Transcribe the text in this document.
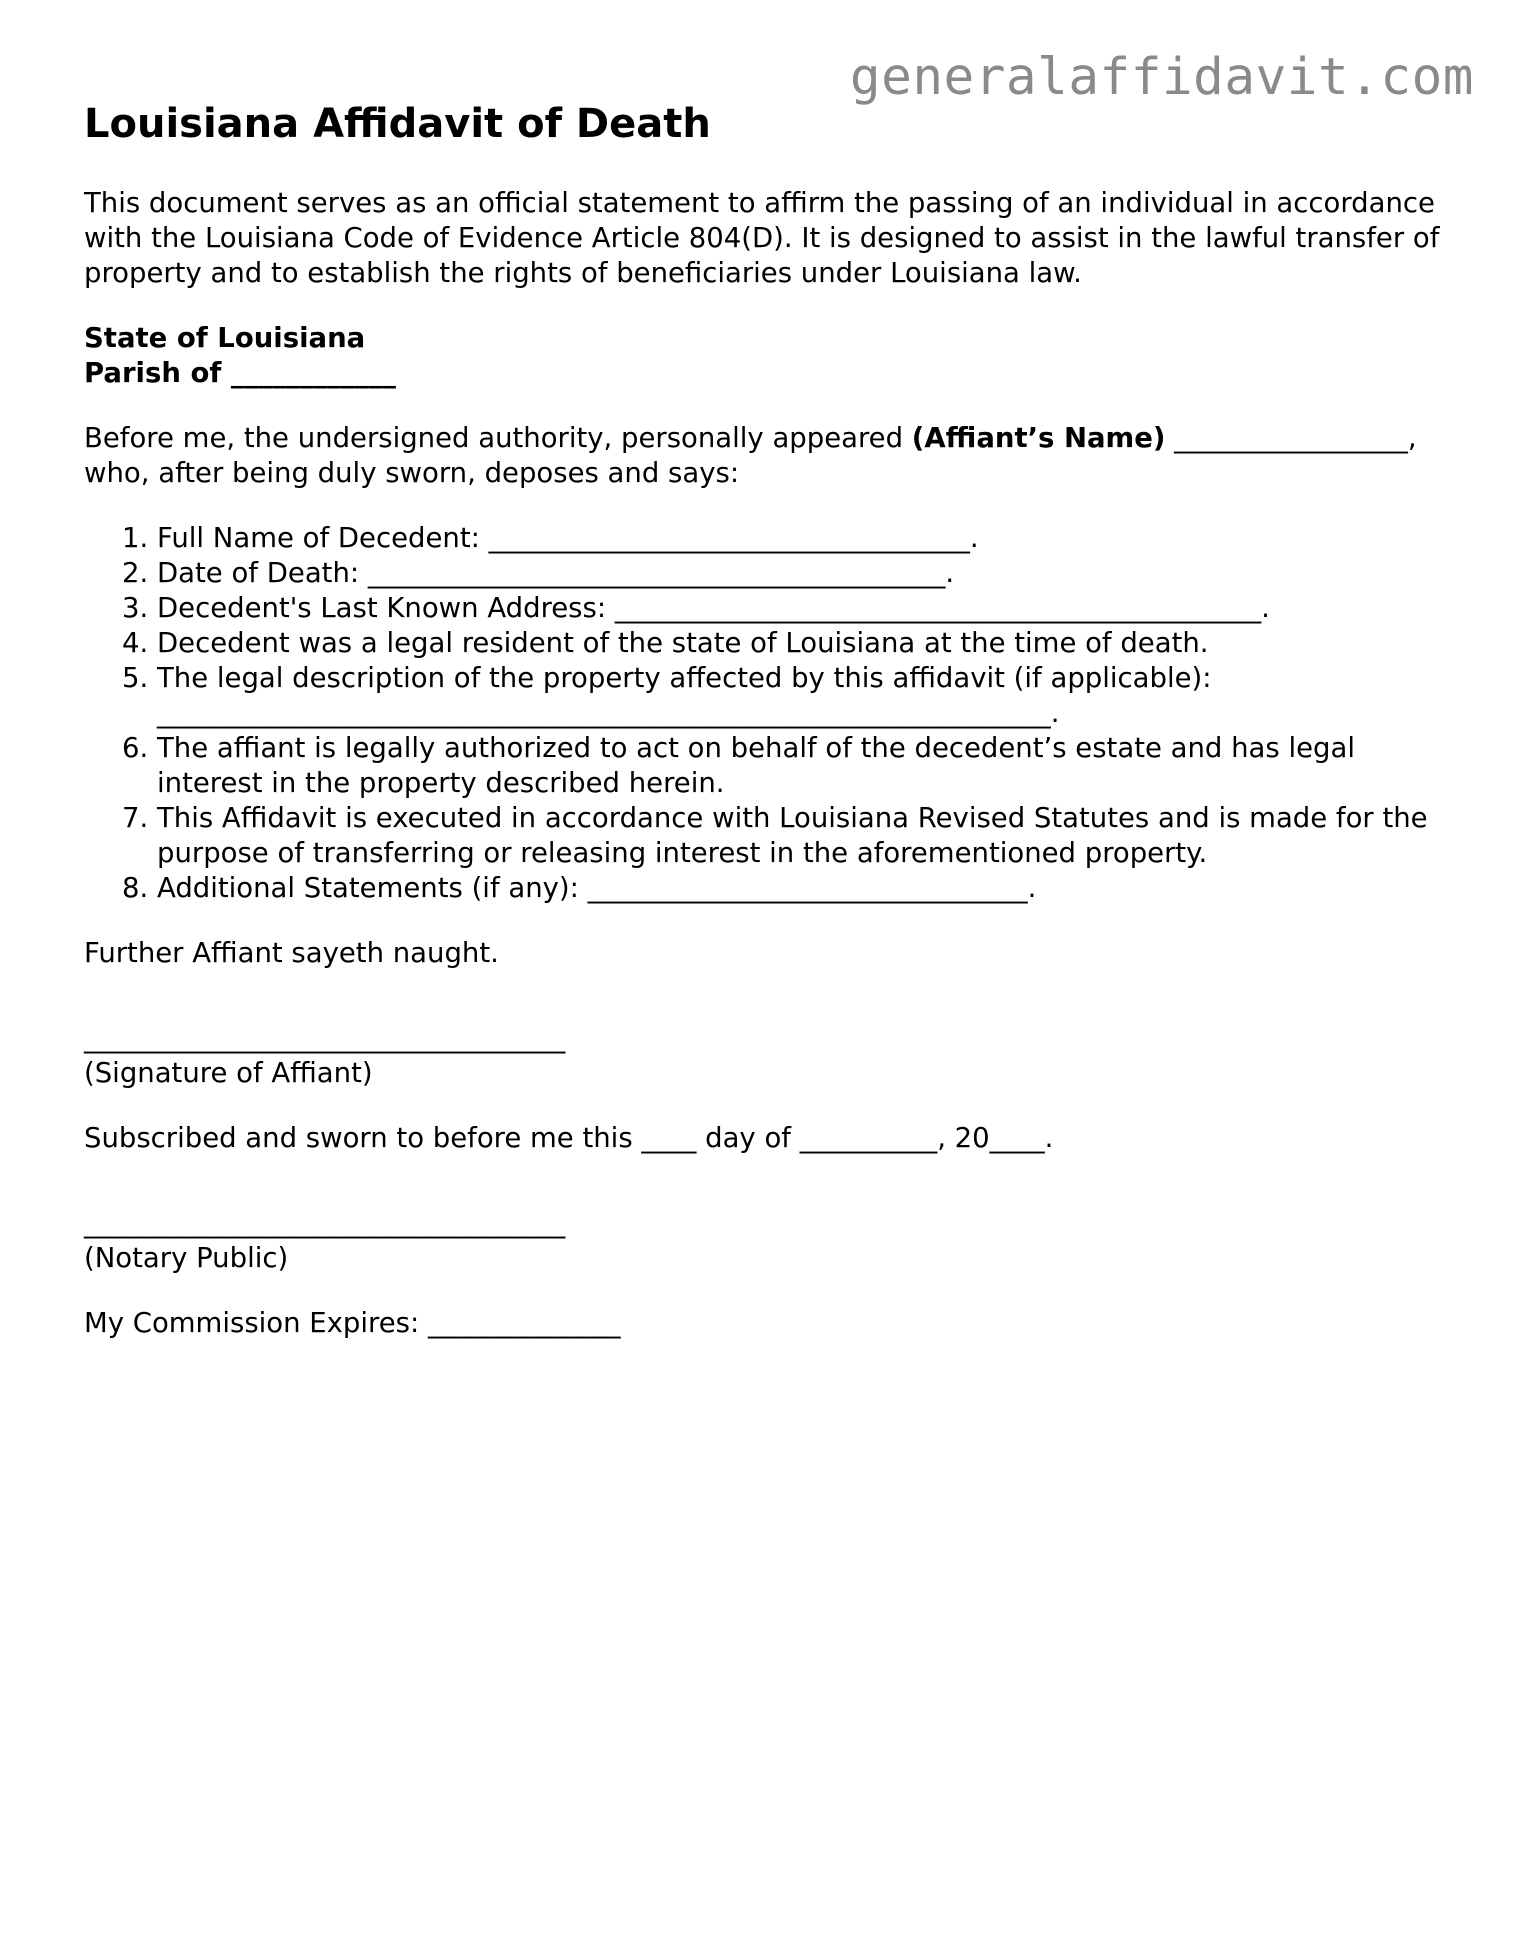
generalaffidavit.com
Louisiana Affidavit of Death

This document serves as an official statement to affirm the passing of an individual in accordance with the Louisiana Code of Evidence Article 804(D). It is designed to assist in the lawful transfer of property and to establish the rights of beneficiaries under Louisiana law.

State of Louisiana

Parish of ____________

Before me, the undersigned authority, personally appeared (Affiant’s Name) _________________, who, after being duly sworn, deposes and says:

1. Full Name of Decedent: ___________________________________.
2. Date of Death: __________________________________________.
3. Decedent's Last Known Address: _______________________________________________.
4. Decedent was a legal resident of the state of Louisiana at the time of death.
5. The legal description of the property affected by this affidavit (if applicable): _________________________________________________________________.
6. The affiant is legally authorized to act on behalf of the decedent’s estate and has legal interest in the property described herein.
7. This Affidavit is executed in accordance with Louisiana Revised Statutes and is made for the purpose of transferring or releasing interest in the aforementioned property.
8. Additional Statements (if any): ________________________________.

Further Affiant sayeth naught.

___________________________________

(Signature of Affiant)

Subscribed and sworn to before me this ____ day of __________, 20____.

___________________________________

(Notary Public)

My Commission Expires: ______________
